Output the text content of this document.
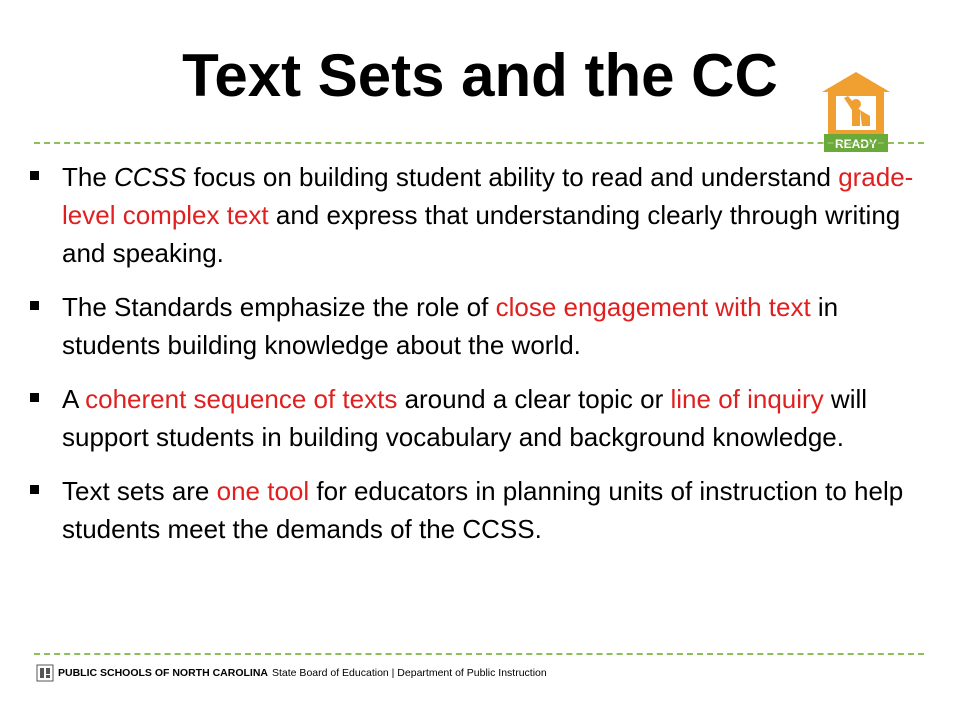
Text Sets and the CC
READY
The CCSS focus on building student ability to read and understand grade-level complex text and express that understanding clearly through writing and speaking.
The Standards emphasize the role of close engagement with text in students building knowledge about the world.
A coherent sequence of texts around a clear topic or line of inquiry will support students in building vocabulary and background knowledge.
Text sets are one tool for educators in planning units of instruction to help students meet the demands of the CCSS.
PUBLIC SCHOOLS OF NORTH CAROLINA State Board of Education | Department of Public Instruction
